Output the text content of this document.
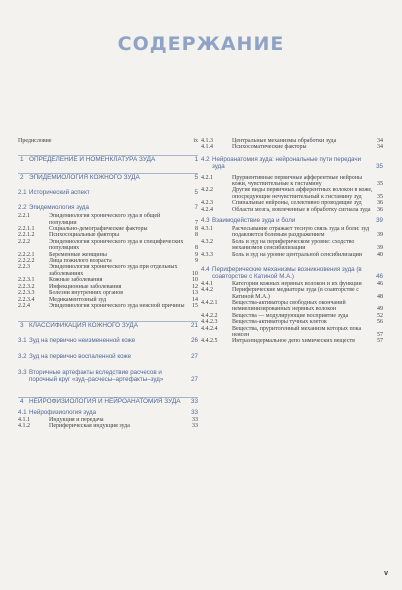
СОДЕРЖАНИЕ
Предисловие	ix
1 ОПРЕДЕЛЕНИЕ И НОМЕНКЛАТУРА ЗУДА	1
2 ЭПИДЕМИОЛОГИЯ КОЖНОГО ЗУДА	5
2.1 Исторический аспект	5
2.2 Эпидемиология зуда	7
2.2.1	Эпидемиология хронического зуда в общей популяции	7
2.2.1.1 Социально-демографические факторы	8
2.2.1.2 Психосоциальные факторы	8
2.2.2	Эпидемиология хронического зуда в специфических популяциях	8
2.2.2.1 Беременные женщины	9
2.2.2.2 Лица пожилого возраста	9
2.2.3	Эпидемиология хронического зуда при отдельных заболеваниях	10
2.2.3.1 Кожные заболевания	10
2.2.3.2 Инфекционные заболевания	12
2.2.3.3 Болезни внутренних органов	13
2.2.3.4 Медикаментозный зуд	14
2.2.4	Эпидемиология хронического зуда неясной причины	15
3 КЛАССИФИКАЦИЯ КОЖНОГО ЗУДА	21
3.1 Зуд на первично неизмененной коже	26
3.2 Зуд на первично воспаленной коже	27
3.3 Вторичные артефакты вследствие расчесов и порочный круг «зуд–расчесы–артефакты–зуд»	27
4 НЕЙРОФИЗИОЛОГИЯ И НЕЙРОАНАТОМИЯ ЗУДА	33
4.1 Нейрофизиология зуда	33
4.1.1	Индукция и передача	33
4.1.2	Периферическая индукция зуда	33
4.1.3	Центральные механизмы обработки зуда	34
4.1.4	Психосоматические факторы	34
4.2 Нейроанатомия зуда: нейрональные пути передачи зуда	35
4.2.1	Пруриентивные первичные афферентные нейроны кожи, чувствительные к гистамину	35
4.2.2	Другие виды первичных афферентных волокон в коже, опосредующие нечувствительный к гистамину зуд	35
4.2.3	Спинальные нейроны, селективно проводящие зуд	36
4.2.4	Области мозга, вовлеченные в обработку сигнала зуда	36
4.3 Взаимодействие зуда и боли	39
4.3.1	Расчесывание отражает тесную связь зуда и боли: зуд подавляется болевым раздражением	39
4.3.2	Боль и зуд на периферическом уровне: сходство механизмов сенсибилизации	39
4.3.3	Боль и зуд на уровне центральной сенсибилизации	40
4.4 Периферические механизмы возникновения зуда (в соавторстве с Катиной М.А.)	46
4.4.1	Категории кожных нервных волокон и их функции	46
4.4.2	Периферические медиаторы зуда (в соавторстве с Катиной М.А.)	48
4.4.2.1 Вещества-активаторы свободных окончаний немиелинизированных нервных волокон	49
4.4.2.2 Вещества — модулирующие восприятие зуда	52
4.4.2.3 Вещества-активаторы тучных клеток	56
4.4.2.4 Вещества, пруритогенный механизм которых пока неясен	57
4.4.2.5 Интраэпидермальное депо химических веществ	57
v
